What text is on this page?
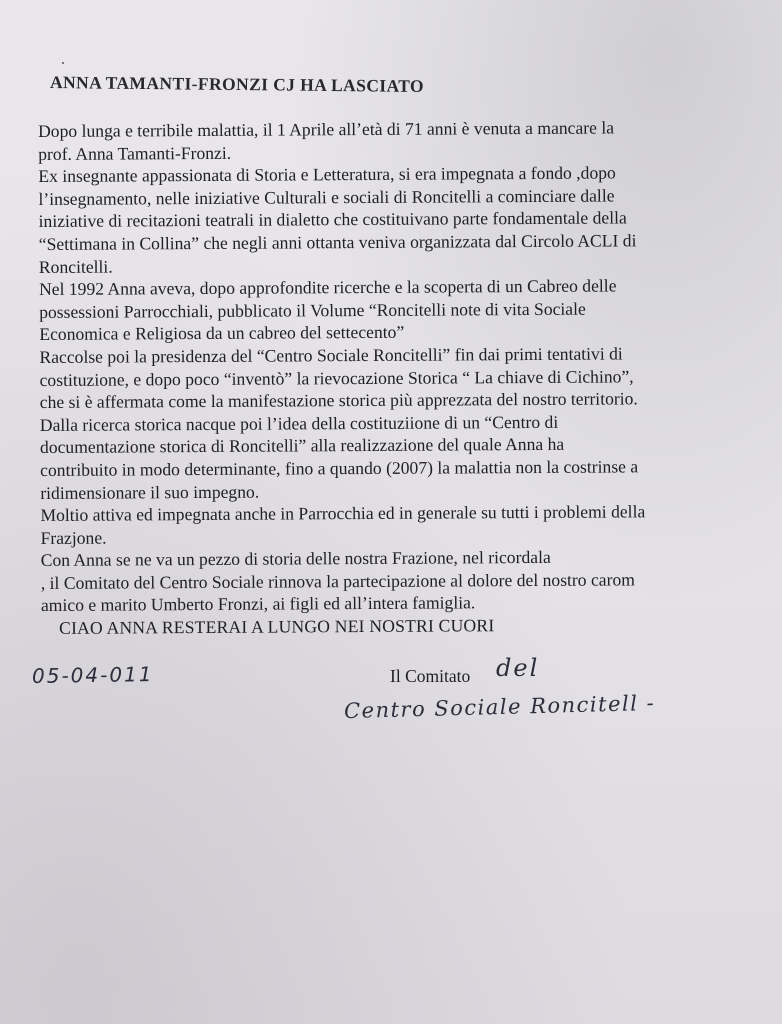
ANNA TAMANTI-FRONZI CJ HA LASCIATO
Dopo lunga e terribile malattia, il 1 Aprile all’età di 71 anni è venuta a mancare la
prof. Anna Tamanti-Fronzi.
Ex insegnante appassionata di Storia e Letteratura, si era impegnata a fondo ,dopo
l’insegnamento, nelle iniziative Culturali e sociali di Roncitelli a cominciare dalle
iniziative di recitazioni teatrali in dialetto che costituivano parte fondamentale della
“Settimana in Collina” che negli anni ottanta veniva organizzata dal Circolo ACLI di
Roncitelli.
Nel 1992 Anna aveva, dopo approfondite ricerche e la scoperta di un Cabreo delle
possessioni Parrocchiali, pubblicato il Volume “Roncitelli note di vita Sociale
Economica e Religiosa da un cabreo del settecento”
Raccolse poi la presidenza del “Centro Sociale Roncitelli” fin dai primi tentativi di
costituzione, e dopo poco “inventò” la rievocazione Storica “ La chiave di Cichino”,
che si è affermata come la manifestazione storica più apprezzata del nostro territorio.
Dalla ricerca storica nacque poi l’idea della costituziione di un “Centro di
documentazione storica di Roncitelli” alla realizzazione del quale Anna ha
contribuito in modo determinante, fino a quando (2007) la malattia non la costrinse a
ridimensionare il suo impegno.
Moltio attiva ed impegnata anche in Parrocchia ed in generale su tutti i problemi della
Frazjone.
Con Anna se ne va un pezzo di storia delle nostra Frazione, nel ricordala
, il Comitato del Centro Sociale rinnova la partecipazione al dolore del nostro carom
amico e marito Umberto Fronzi, ai figli ed all’intera famiglia.
CIAO ANNA RESTERAI A LUNGO NEI NOSTRI CUORI
05-04-011	Il Comitato del
Centro Sociale Roncitell -
